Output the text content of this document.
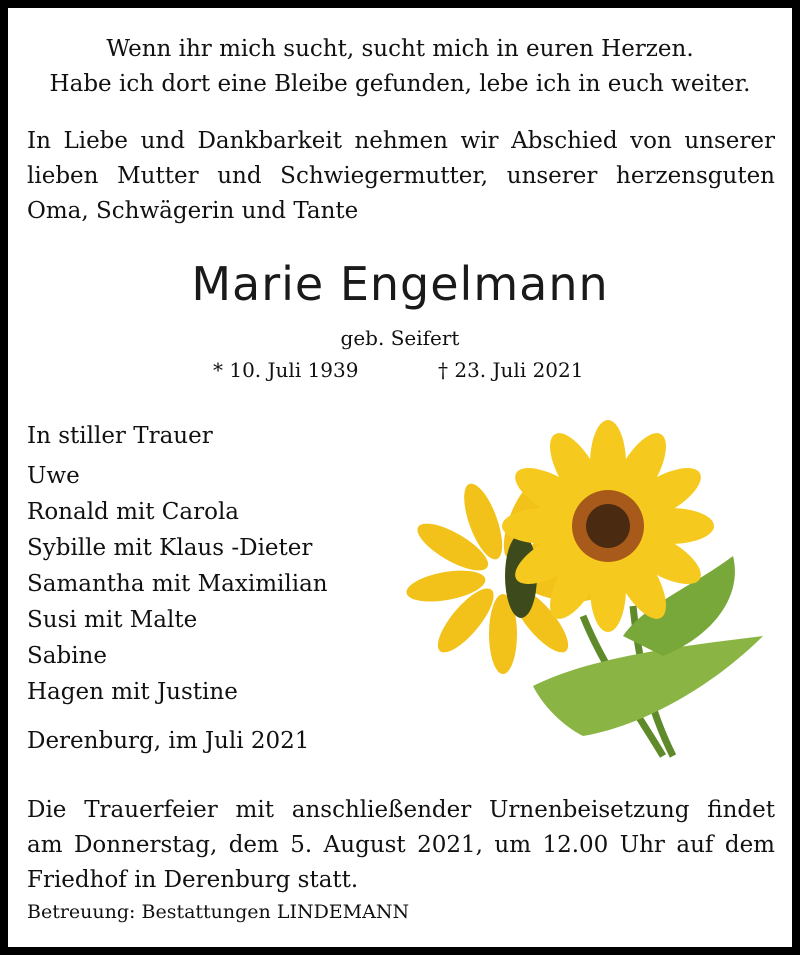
Wenn ihr mich sucht, sucht mich in euren Herzen.
Habe ich dort eine Bleibe gefunden, lebe ich in euch weiter.
In Liebe und Dankbarkeit nehmen wir Abschied von unserer
lieben Mutter und Schwiegermutter, unserer herzensguten
Oma, Schwägerin und Tante
Marie Engelmann
geb. Seifert
* 10. Juli 1939	† 23. Juli 2021
In stiller Trauer
Uwe
Ronald mit Carola
Sybille mit Klaus -Dieter
Samantha mit Maximilian
Susi mit Malte
Sabine
Hagen mit Justine
Derenburg, im Juli 2021
Die Trauerfeier mit anschließender Urnenbeisetzung findet
am Donnerstag, dem 5. August 2021, um 12.00 Uhr auf dem
Friedhof in Derenburg statt.
Betreuung: Bestattungen LINDEMANN
